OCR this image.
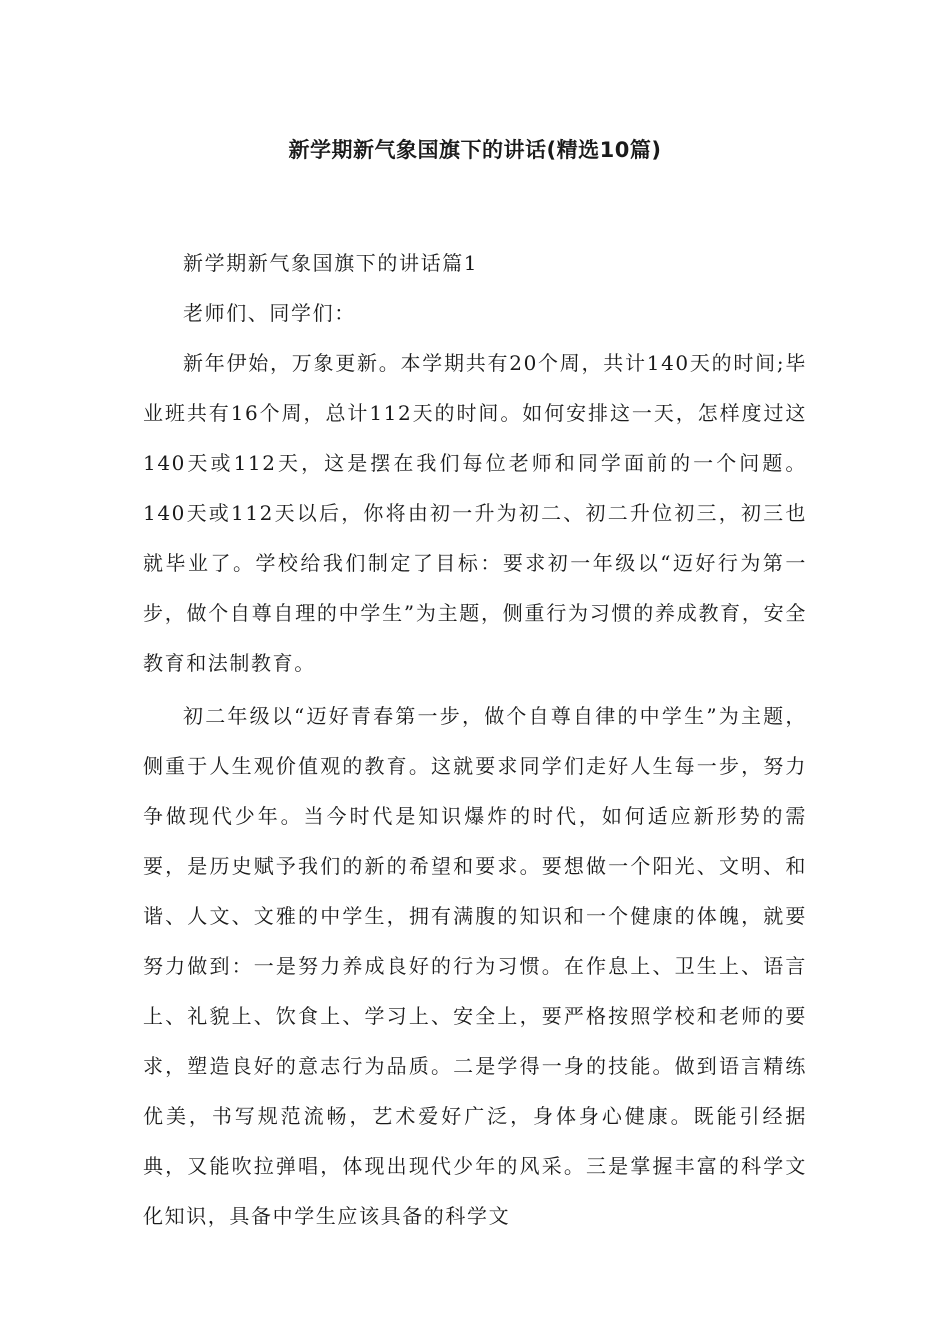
新学期新气象国旗下的讲话(精选10篇)

新学期新气象国旗下的讲话篇1

老师们、同学们：

新年伊始，万象更新。本学期共有20个周，共计140天的时间;毕业班共有16个周，总计112天的时间。如何安排这一天，怎样度过这140天或112天，这是摆在我们每位老师和同学面前的一个问题。140天或112天以后，你将由初一升为初二、初二升位初三，初三也就毕业了。学校给我们制定了目标：要求初一年级以“迈好行为第一步，做个自尊自理的中学生”为主题，侧重行为习惯的养成教育，安全教育和法制教育。

初二年级以“迈好青春第一步，做个自尊自律的中学生”为主题，侧重于人生观价值观的教育。这就要求同学们走好人生每一步，努力争做现代少年。当今时代是知识爆炸的时代，如何适应新形势的需要，是历史赋予我们的新的希望和要求。要想做一个阳光、文明、和谐、人文、文雅的中学生，拥有满腹的知识和一个健康的体魄，就要努力做到：一是努力养成良好的行为习惯。在作息上、卫生上、语言上、礼貌上、饮食上、学习上、安全上，要严格按照学校和老师的要求，塑造良好的意志行为品质。二是学得一身的技能。做到语言精练优美，书写规范流畅，艺术爱好广泛，身体身心健康。既能引经据典，又能吹拉弹唱，体现出现代少年的风采。三是掌握丰富的科学文化知识，具备中学生应该具备的科学文
